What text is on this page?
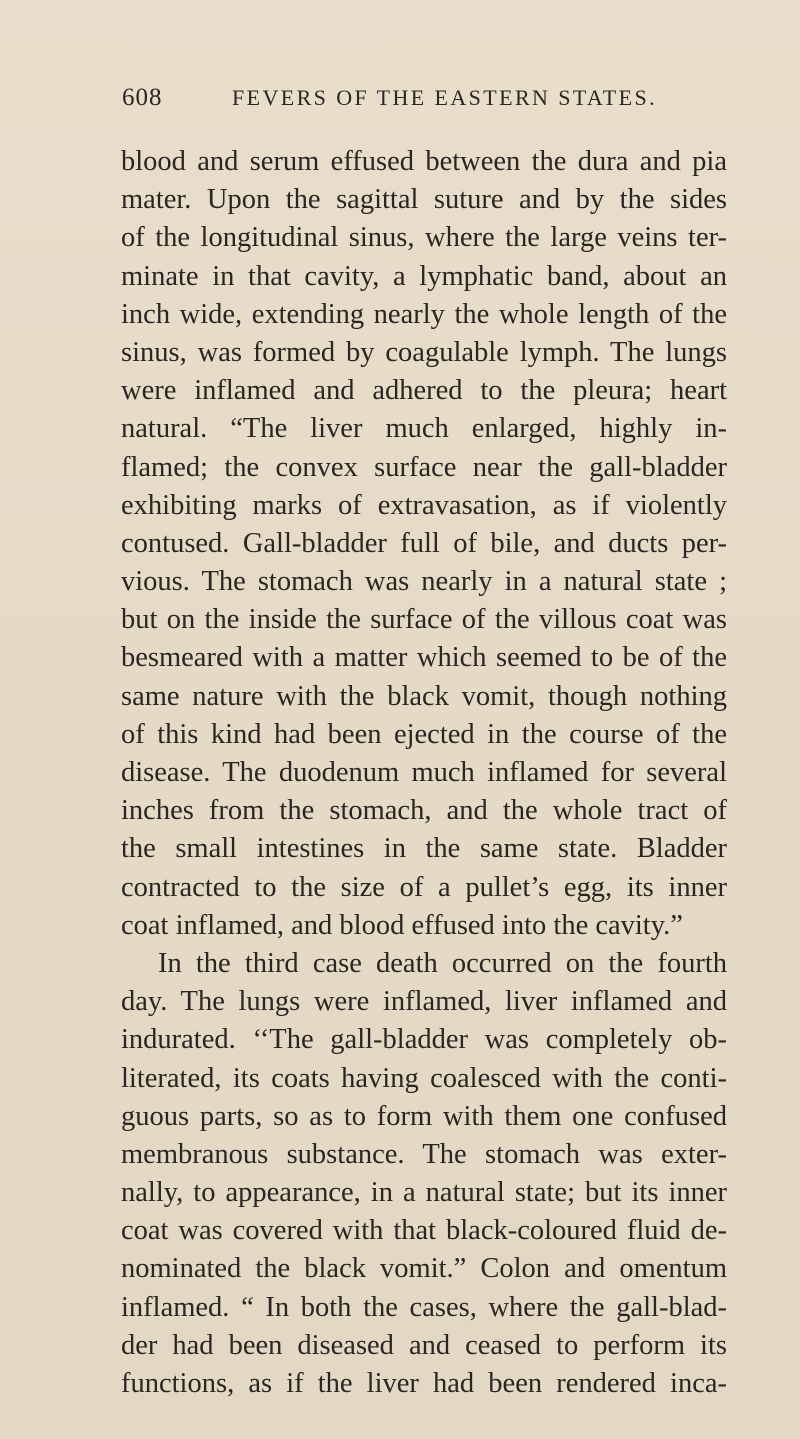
608	FEVERS OF THE EASTERN STATES.
blood and serum effused between the dura and pia
mater. Upon the sagittal suture and by the sides
of the longitudinal sinus, where the large veins ter-
minate in that cavity, a lymphatic band, about an
inch wide, extending nearly the whole length of the
sinus, was formed by coagulable lymph. The lungs
were inflamed and adhered to the pleura; heart
natural. “The liver much enlarged, highly in-
flamed; the convex surface near the gall-bladder
exhibiting marks of extravasation, as if violently
contused. Gall-bladder full of bile, and ducts per-
vious. The stomach was nearly in a natural state ;
but on the inside the surface of the villous coat was
besmeared with a matter which seemed to be of the
same nature with the black vomit, though nothing
of this kind had been ejected in the course of the
disease. The duodenum much inflamed for several
inches from the stomach, and the whole tract of
the small intestines in the same state. Bladder
contracted to the size of a pullet’s egg, its inner
coat inflamed, and blood effused into the cavity.”
In the third case death occurred on the fourth
day. The lungs were inflamed, liver inflamed and
indurated. ‘‘The gall-bladder was completely ob-
literated, its coats having coalesced with the conti-
guous parts, so as to form with them one confused
membranous substance. The stomach was exter-
nally, to appearance, in a natural state; but its inner
coat was covered with that black-coloured fluid de-
nominated the black vomit.” Colon and omentum
inflamed. “ In both the cases, where the gall-blad-
der had been diseased and ceased to perform its
functions, as if the liver had been rendered inca-
